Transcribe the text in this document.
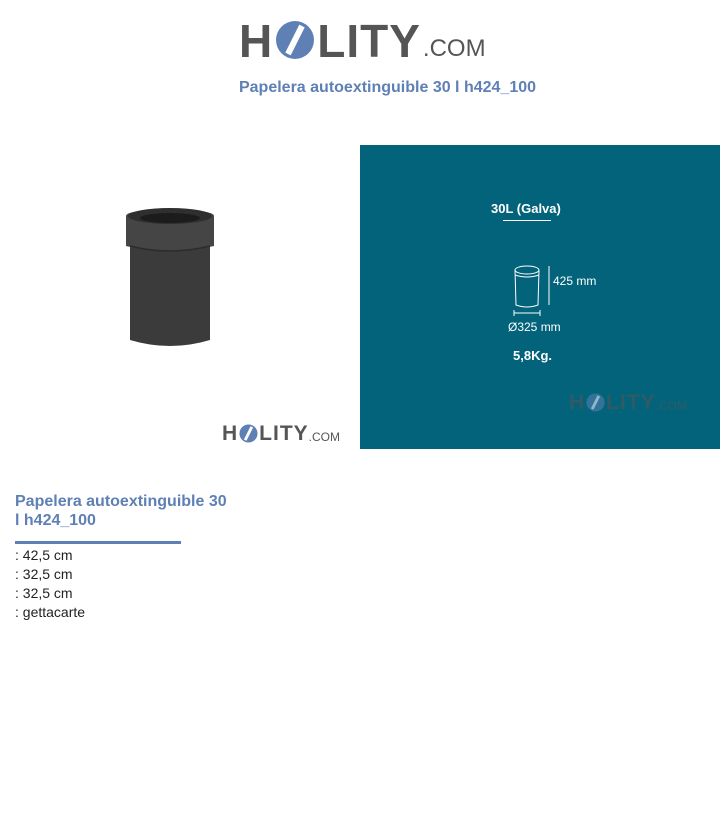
H LITY .COM
Papelera autoextinguible 30 l h424_100
H LITY .COM
30L (Galva)
425 mm
Ø325 mm
5,8Kg.
H LITY .COM
Papelera autoextinguible 30
l h424_100
: 42,5 cm
: 32,5 cm
: 32,5 cm
: gettacarte
